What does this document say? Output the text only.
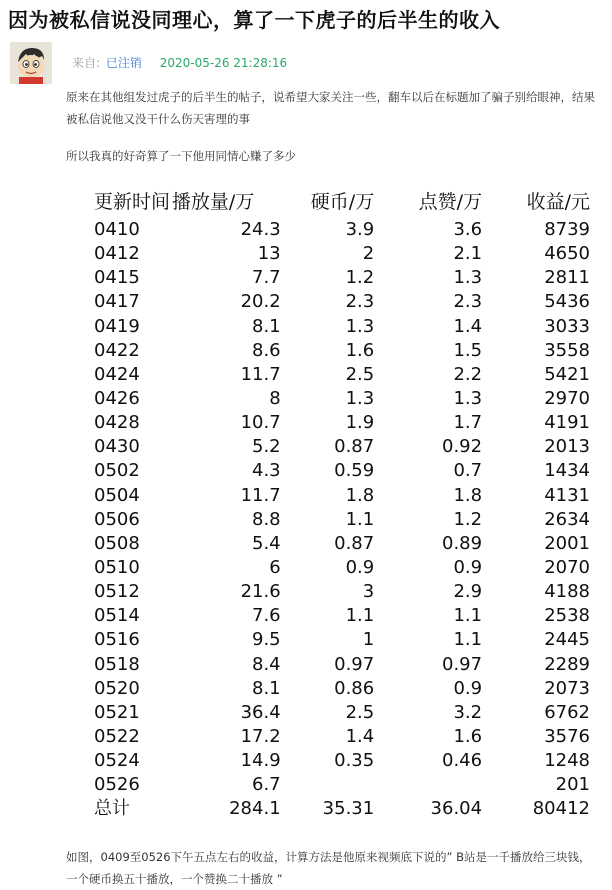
因为被私信说没同理心，算了一下虎子的后半生的收入
来自: 已注销 2020-05-26 21:28:16

原来在其他组发过虎子的后半生的帖子，说希望大家关注一些，翻车以后在标题加了骗子别给眼神，结果被私信说他又没干什么伤天害理的事

所以我真的好奇算了一下他用同情心赚了多少

更新时间	播放量/万	硬币/万	点赞/万	收益/元
0410	24.3	3.9	3.6	8739
0412	13	2	2.1	4650
0415	7.7	1.2	1.3	2811
0417	20.2	2.3	2.3	5436
0419	8.1	1.3	1.4	3033
0422	8.6	1.6	1.5	3558
0424	11.7	2.5	2.2	5421
0426	8	1.3	1.3	2970
0428	10.7	1.9	1.7	4191
0430	5.2	0.87	0.92	2013
0502	4.3	0.59	0.7	1434
0504	11.7	1.8	1.8	4131
0506	8.8	1.1	1.2	2634
0508	5.4	0.87	0.89	2001
0510	6	0.9	0.9	2070
0512	21.6	3	2.9	4188
0514	7.6	1.1	1.1	2538
0516	9.5	1	1.1	2445
0518	8.4	0.97	0.97	2289
0520	8.1	0.86	0.9	2073
0521	36.4	2.5	3.2	6762
0522	17.2	1.4	1.6	3576
0524	14.9	0.35	0.46	1248
0526	6.7			201
总计	284.1	35.31	36.04	80412

如图，0409至0526下午五点左右的收益，计算方法是他原来视频底下说的” B站是一千播放给三块钱，一个硬币换五十播放，一个赞换二十播放 ”
